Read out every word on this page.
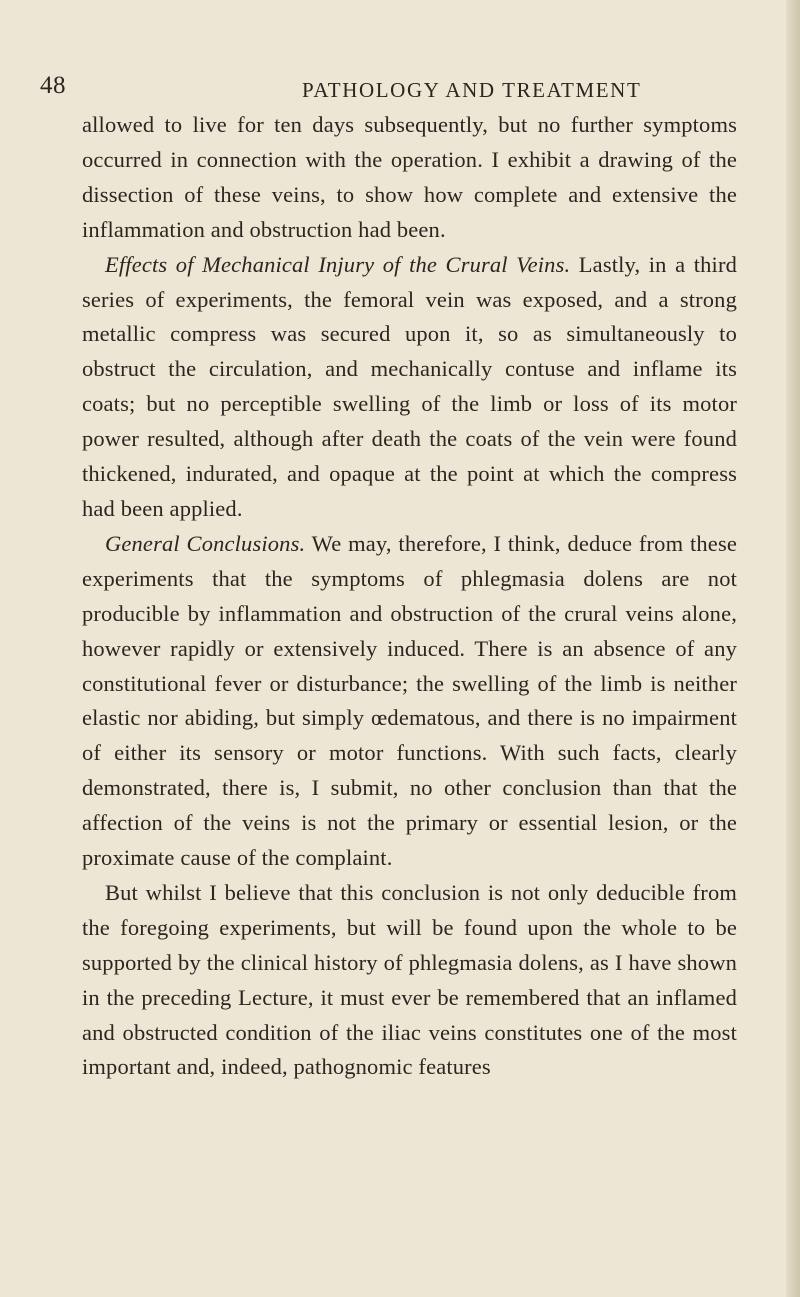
48	PATHOLOGY AND TREATMENT

allowed to live for ten days subsequently, but no further symptoms occurred in connection with the operation. I exhibit a drawing of the dissection of these veins, to show how complete and extensive the inflammation and obstruction had been.

Effects of Mechanical Injury of the Crural Veins. Lastly, in a third series of experiments, the femoral vein was exposed, and a strong metallic compress was secured upon it, so as simultaneously to obstruct the circulation, and mechanically contuse and inflame its coats; but no perceptible swelling of the limb or loss of its motor power resulted, although after death the coats of the vein were found thickened, indurated, and opaque at the point at which the compress had been applied.

General Conclusions. We may, therefore, I think, deduce from these experiments that the symptoms of phlegmasia dolens are not producible by inflammation and obstruction of the crural veins alone, however rapidly or extensively induced. There is an absence of any constitutional fever or disturbance; the swelling of the limb is neither elastic nor abiding, but simply œdematous, and there is no impairment of either its sensory or motor functions. With such facts, clearly demonstrated, there is, I submit, no other conclusion than that the affection of the veins is not the primary or essential lesion, or the proximate cause of the complaint.

But whilst I believe that this conclusion is not only deducible from the foregoing experiments, but will be found upon the whole to be supported by the clinical history of phlegmasia dolens, as I have shown in the preceding Lecture, it must ever be remembered that an inflamed and obstructed condition of the iliac veins constitutes one of the most important and, indeed, pathognomic features
